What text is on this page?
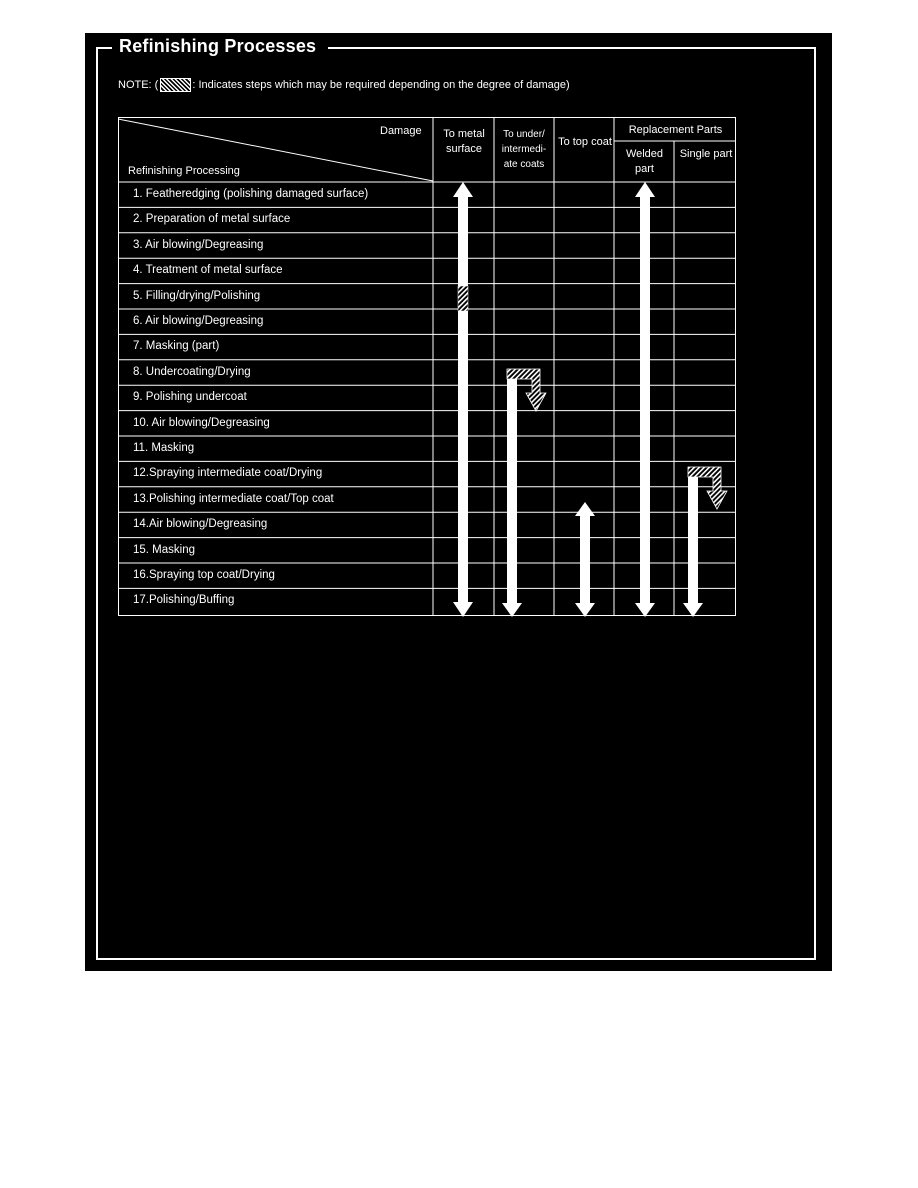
Refinishing Processes
NOTE: (	: Indicates steps which may be required depending on the degree of damage)
Damage
Refinishing Processing
To metal surface
To under/ intermedi- ate coats
To top coat
Replacement Parts
Welded part
Single part
1. Featheredging (polishing damaged surface)
2. Preparation of metal surface
3. Air blowing/Degreasing
4. Treatment of metal surface
5. Filling/drying/Polishing
6. Air blowing/Degreasing
7. Masking (part)
8. Undercoating/Drying
9. Polishing undercoat
10. Air blowing/Degreasing
11. Masking
12.Spraying intermediate coat/Drying
13.Polishing intermediate coat/Top coat
14.Air blowing/Degreasing
15. Masking
16.Spraying top coat/Drying
17.Polishing/Buffing
